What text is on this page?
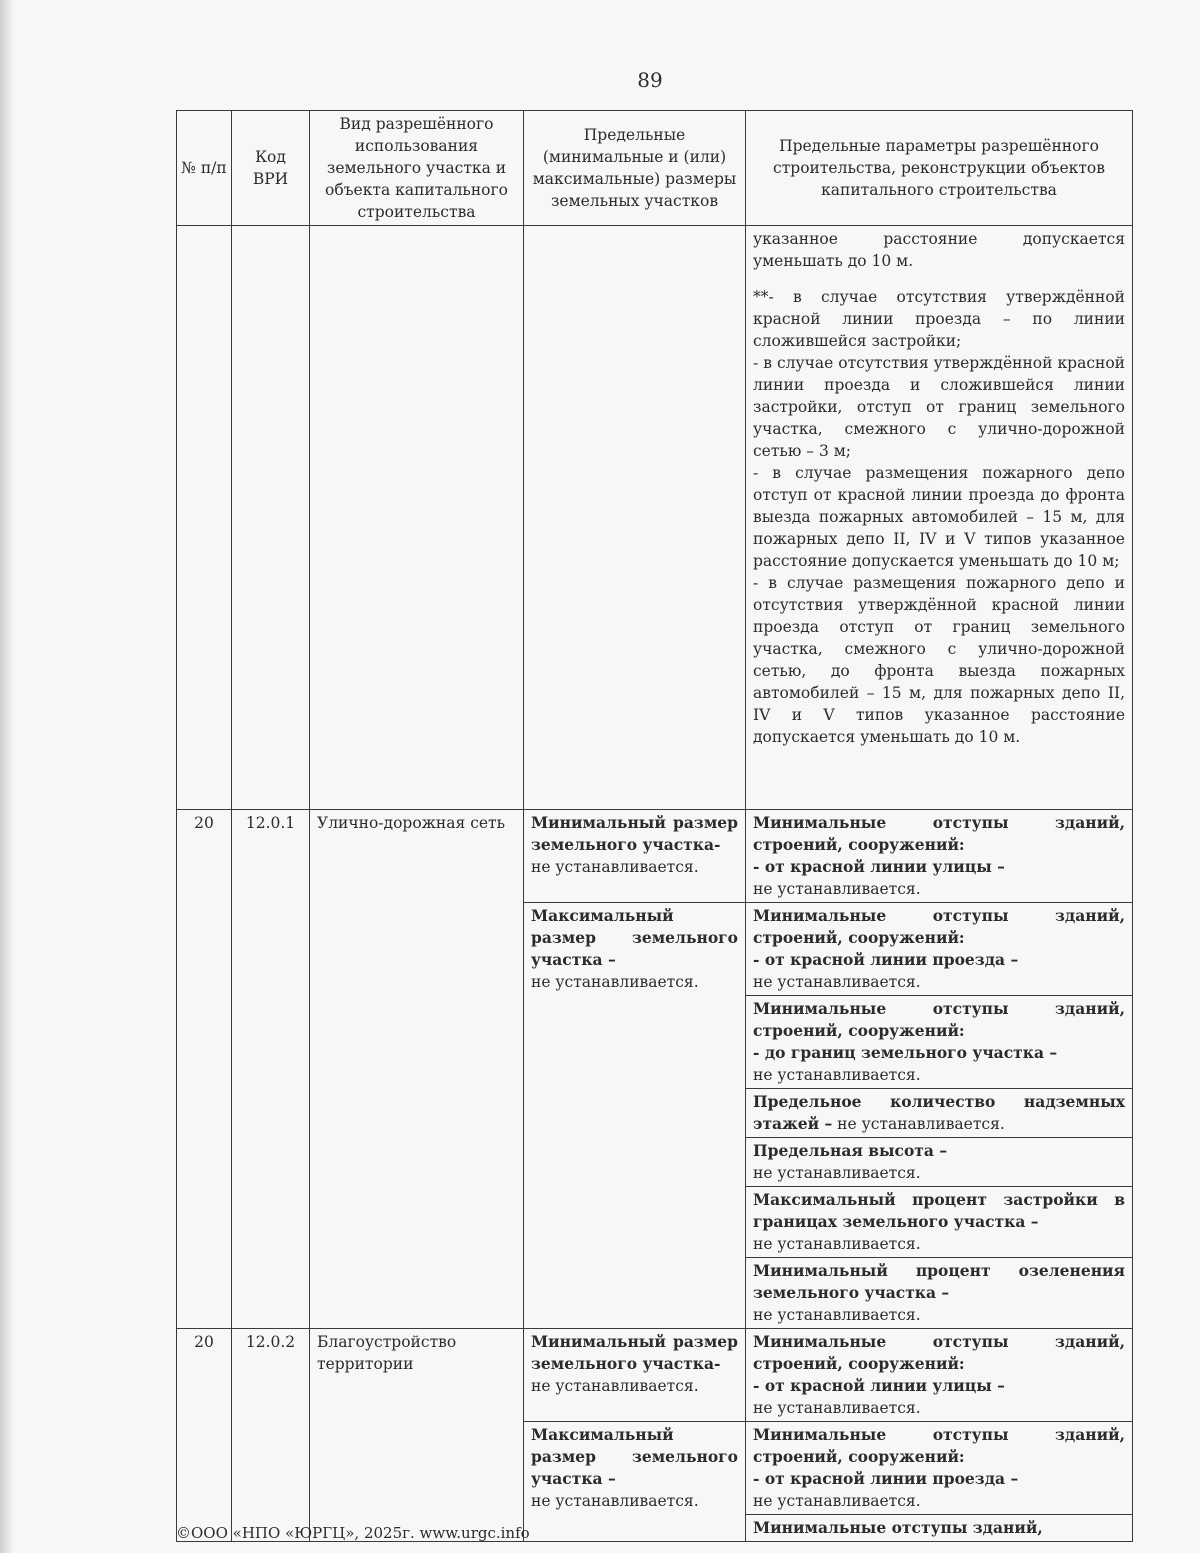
89
№ п/п	Код ВРИ	Вид разрешённого использования земельного участка и объекта капитального строительства	Предельные (минимальные и (или) максимальные) размеры земельных участков	Предельные параметры разрешённого строительства, реконструкции объектов капитального строительства

				указанное расстояние допускается уменьшать до 10 м.
**- в случае отсутствия утверждённой красной линии проезда – по линии сложившейся застройки;
- в случае отсутствия утверждённой красной линии проезда и сложившейся линии застройки, отступ от границ земельного участка, смежного с улично-дорожной сетью – 3 м;
- в случае размещения пожарного депо отступ от красной линии проезда до фронта выезда пожарных автомобилей – 15 м, для пожарных депо II, IV и V типов указанное расстояние допускается уменьшать до 10 м;
- в случае размещения пожарного депо и отсутствия утверждённой красной линии проезда отступ от границ земельного участка, смежного с улично-дорожной сетью, до фронта выезда пожарных автомобилей – 15 м, для пожарных депо II, IV и V типов указанное расстояние допускается уменьшать до 10 м.

20	12.0.1	Улично-дорожная сеть	Минимальный размер земельного участка-
не устанавливается.	Минимальные отступы зданий, строений, сооружений:
- от красной линии улицы –
не устанавливается.
			Максимальный размер земельного участка –
не устанавливается.	Минимальные отступы зданий, строений, сооружений:
- от красной линии проезда –
не устанавливается.
				Минимальные отступы зданий, строений, сооружений:
- до границ земельного участка –
не устанавливается.
				Предельное количество надземных этажей – не устанавливается.
				Предельная высота –
не устанавливается.
				Максимальный процент застройки в границах земельного участка –
не устанавливается.
				Минимальный процент озеленения земельного участка –
не устанавливается.
20	12.0.2	Благоустройство территории	Минимальный размер земельного участка-
не устанавливается.	Минимальные отступы зданий, строений, сооружений:
- от красной линии улицы –
не устанавливается.
			Максимальный размер земельного участка –
не устанавливается.	Минимальные отступы зданий, строений, сооружений:
- от красной линии проезда –
не устанавливается.
				Минимальные отступы зданий,
©ООО «НПО «ЮРГЦ», 2025г. www.urgc.info
